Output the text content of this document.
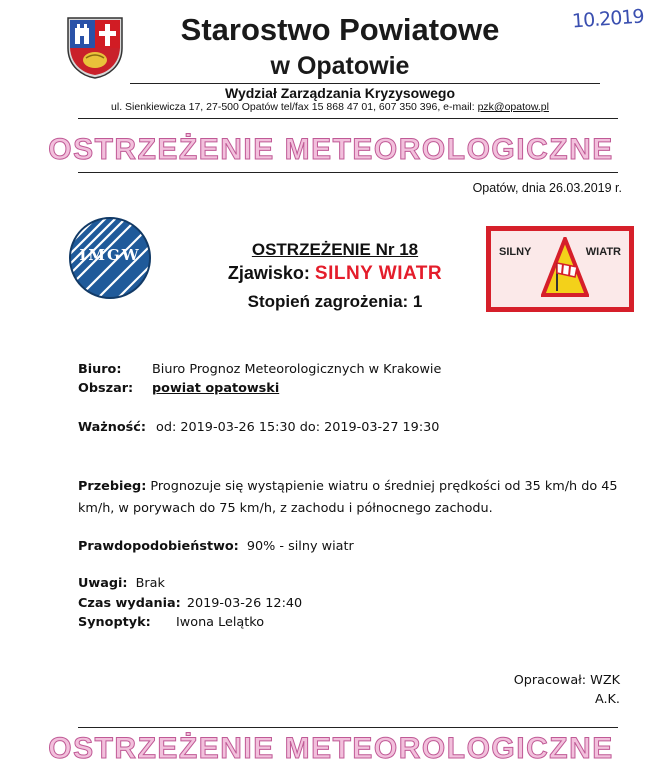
Starostwo Powiatowe
w Opatowie
10.2019
Wydział Zarządzania Kryzysowego
ul. Sienkiewicza 17, 27-500 Opatów tel/fax 15 868 47 01, 607 350 396, e-mail: pzk@opatow.pl
OSTRZEŻENIE METEOROLOGICZNE
Opatów, dnia 26.03.2019 r.
IMGW	OSTRZEŻENIE Nr 18
Zjawisko: SILNY WIATR
Stopień zagrożenia: 1
SILNY	WIATR
Biuro: Biuro Prognoz Meteorologicznych w Krakowie
Obszar: powiat opatowski
Ważność: od: 2019-03-26 15:30 do: 2019-03-27 19:30
Przebieg: Prognozuje się wystąpienie wiatru o średniej prędkości od 35 km/h do 45 km/h, w porywach do 75 km/h, z zachodu i północnego zachodu.
Prawdopodobieństwo: 90% - silny wiatr
Uwagi: Brak
Czas wydania: 2019-03-26 12:40
Synoptyk: Iwona Lelątko
Opracował: WZK
A.K.
OSTRZEŻENIE METEOROLOGICZNE
